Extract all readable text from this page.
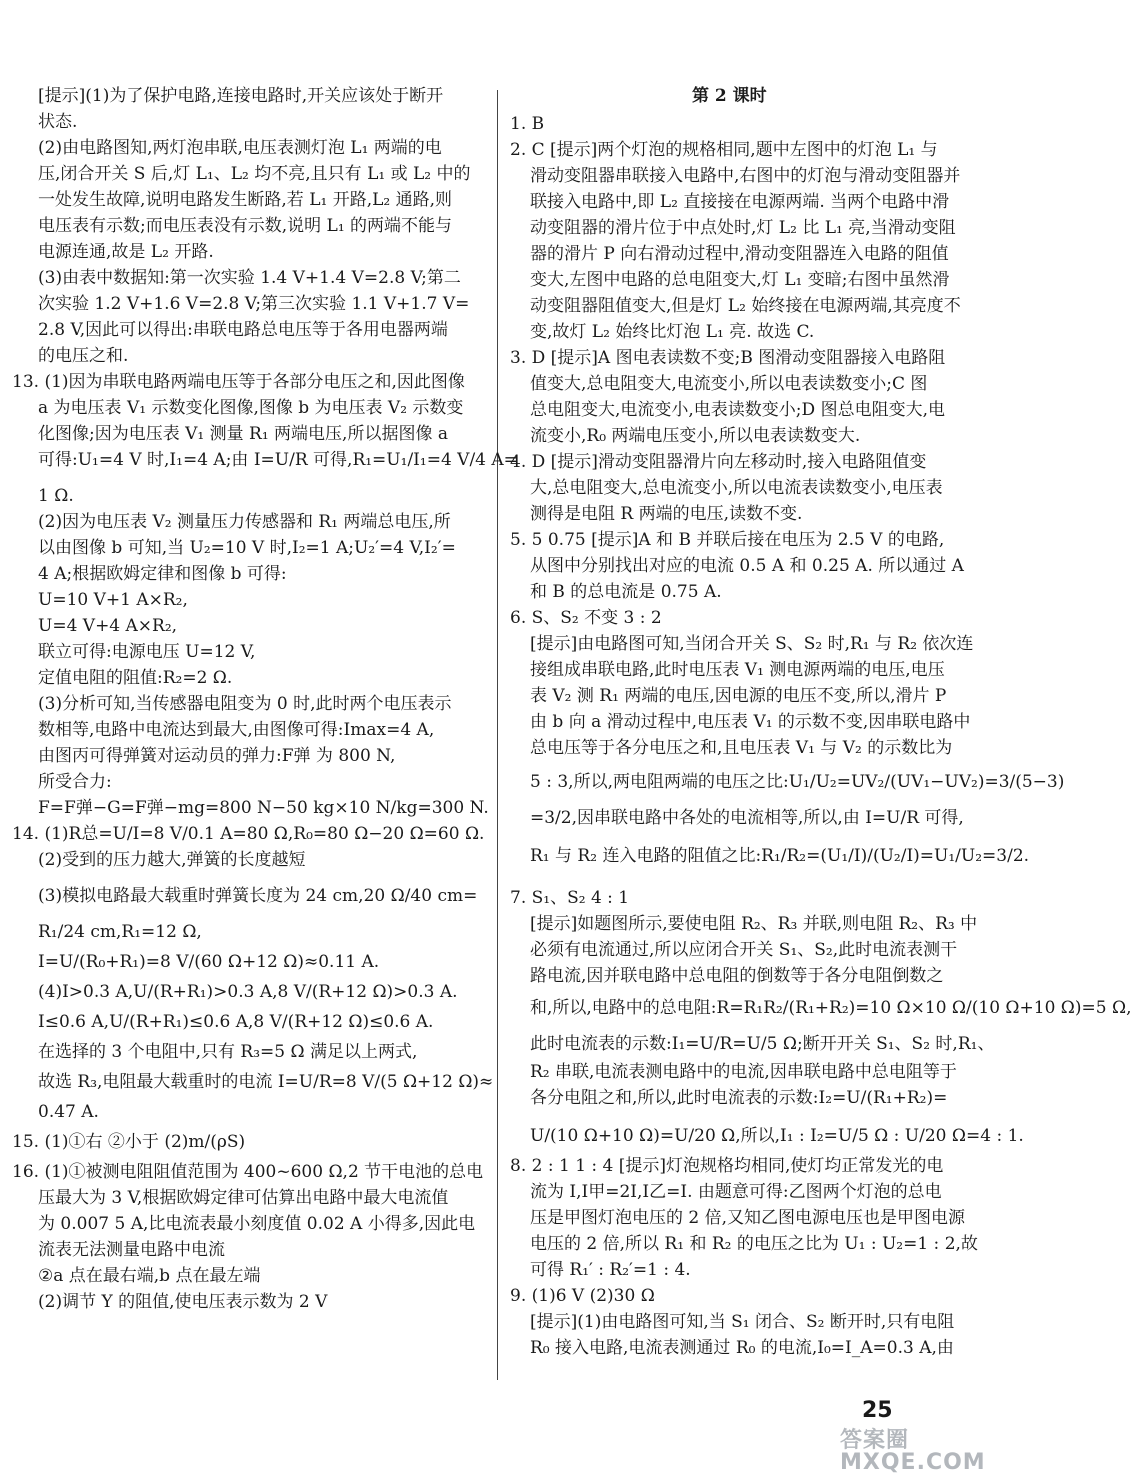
[提示](1)为了保护电路,连接电路时,开关应该处于断开
状态.
(2)由电路图知,两灯泡串联,电压表测灯泡 L₁ 两端的电
压,闭合开关 S 后,灯 L₁、L₂ 均不亮,且只有 L₁ 或 L₂ 中的
一处发生故障,说明电路发生断路,若 L₁ 开路,L₂ 通路,则
电压表有示数;而电压表没有示数,说明 L₁ 的两端不能与
电源连通,故是 L₂ 开路.
(3)由表中数据知:第一次实验 1.4 V+1.4 V=2.8 V;第二
次实验 1.2 V+1.6 V=2.8 V;第三次实验 1.1 V+1.7 V=
2.8 V,因此可以得出:串联电路总电压等于各用电器两端
的电压之和.
13. (1)因为串联电路两端电压等于各部分电压之和,因此图像
a 为电压表 V₁ 示数变化图像,图像 b 为电压表 V₂ 示数变
化图像;因为电压表 V₁ 测量 R₁ 两端电压,所以据图像 a
可得:U₁=4 V 时,I₁=4 A;由 I=U/R 可得,R₁=U₁/I₁=4 V/4 A=
1 Ω.
(2)因为电压表 V₂ 测量压力传感器和 R₁ 两端总电压,所
以由图像 b 可知,当 U₂=10 V 时,I₂=1 A;U₂′=4 V,I₂′=
4 A;根据欧姆定律和图像 b 可得:
U=10 V+1 A×R₂,
U=4 V+4 A×R₂,
联立可得:电源电压 U=12 V,
定值电阻的阻值:R₂=2 Ω.
(3)分析可知,当传感器电阻变为 0 时,此时两个电压表示
数相等,电路中电流达到最大,由图像可得:Imax=4 A,
由图丙可得弹簧对运动员的弹力:F弹 为 800 N,
所受合力:
F=F弹−G=F弹−mg=800 N−50 kg×10 N/kg=300 N.
14. (1)R总=U/I=8 V/0.1 A=80 Ω,R₀=80 Ω−20 Ω=60 Ω.
(2)受到的压力越大,弹簧的长度越短
(3)模拟电路最大载重时弹簧长度为 24 cm,20 Ω/40 cm=
R₁/24 cm,R₁=12 Ω,
I=U/(R₀+R₁)=8 V/(60 Ω+12 Ω)≈0.11 A.
(4)I>0.3 A,U/(R+R₁)>0.3 A,8 V/(R+12 Ω)>0.3 A.
I≤0.6 A,U/(R+R₁)≤0.6 A,8 V/(R+12 Ω)≤0.6 A.
在选择的 3 个电阻中,只有 R₃=5 Ω 满足以上两式,
故选 R₃,电阻最大载重时的电流 I=U/R=8 V/(5 Ω+12 Ω)≈
0.47 A.
15. (1)①右 ②小于 (2)m/(ρS)
16. (1)①被测电阻阻值范围为 400~600 Ω,2 节干电池的总电
压最大为 3 V,根据欧姆定律可估算出电路中最大电流值
为 0.007 5 A,比电流表最小刻度值 0.02 A 小得多,因此电
流表无法测量电路中电流
②a 点在最右端,b 点在最左端
(2)调节 Y 的阻值,使电压表示数为 2 V
第 2 课时
1. B
2. C [提示]两个灯泡的规格相同,题中左图中的灯泡 L₁ 与
滑动变阻器串联接入电路中,右图中的灯泡与滑动变阻器并
联接入电路中,即 L₂ 直接接在电源两端. 当两个电路中滑
动变阻器的滑片位于中点处时,灯 L₂ 比 L₁ 亮,当滑动变阻
器的滑片 P 向右滑动过程中,滑动变阻器连入电路的阻值
变大,左图中电路的总电阻变大,灯 L₁ 变暗;右图中虽然滑
动变阻器阻值变大,但是灯 L₂ 始终接在电源两端,其亮度不
变,故灯 L₂ 始终比灯泡 L₁ 亮. 故选 C.
3. D [提示]A 图电表读数不变;B 图滑动变阻器接入电路阻
值变大,总电阻变大,电流变小,所以电表读数变小;C 图
总电阻变大,电流变小,电表读数变小;D 图总电阻变大,电
流变小,R₀ 两端电压变小,所以电表读数变大.
4. D [提示]滑动变阻器滑片向左移动时,接入电路阻值变
大,总电阻变大,总电流变小,所以电流表读数变小,电压表
测得是电阻 R 两端的电压,读数不变.
5. 5 0.75 [提示]A 和 B 并联后接在电压为 2.5 V 的电路,
从图中分别找出对应的电流 0.5 A 和 0.25 A. 所以通过 A
和 B 的总电流是 0.75 A.
6. S、S₂ 不变 3 : 2
[提示]由电路图可知,当闭合开关 S、S₂ 时,R₁ 与 R₂ 依次连
接组成串联电路,此时电压表 V₁ 测电源两端的电压,电压
表 V₂ 测 R₁ 两端的电压,因电源的电压不变,所以,滑片 P
由 b 向 a 滑动过程中,电压表 V₁ 的示数不变,因串联电路中
总电压等于各分电压之和,且电压表 V₁ 与 V₂ 的示数比为
5 : 3,所以,两电阻两端的电压之比:U₁/U₂=UV₂/(UV₁−UV₂)=3/(5−3)
=3/2,因串联电路中各处的电流相等,所以,由 I=U/R 可得,
R₁ 与 R₂ 连入电路的阻值之比:R₁/R₂=(U₁/I)/(U₂/I)=U₁/U₂=3/2.
7. S₁、S₂ 4 : 1
[提示]如题图所示,要使电阻 R₂、R₃ 并联,则电阻 R₂、R₃ 中
必须有电流通过,所以应闭合开关 S₁、S₂,此时电流表测干
路电流,因并联电路中总电阻的倒数等于各分电阻倒数之
和,所以,电路中的总电阻:R=R₁R₂/(R₁+R₂)=10 Ω×10 Ω/(10 Ω+10 Ω)=5 Ω,
此时电流表的示数:I₁=U/R=U/5 Ω;断开开关 S₁、S₂ 时,R₁、
R₂ 串联,电流表测电路中的电流,因串联电路中总电阻等于
各分电阻之和,所以,此时电流表的示数:I₂=U/(R₁+R₂)=
U/(10 Ω+10 Ω)=U/20 Ω,所以,I₁ : I₂=U/5 Ω : U/20 Ω=4 : 1.
8. 2 : 1 1 : 4 [提示]灯泡规格均相同,使灯均正常发光的电
流为 I,I甲=2I,I乙=I. 由题意可得:乙图两个灯泡的总电
压是甲图灯泡电压的 2 倍,又知乙图电源电压也是甲图电源
电压的 2 倍,所以 R₁ 和 R₂ 的电压之比为 U₁ : U₂=1 : 2,故
可得 R₁′ : R₂′=1 : 4.
9. (1)6 V (2)30 Ω
[提示](1)由电路图可知,当 S₁ 闭合、S₂ 断开时,只有电阻
R₀ 接入电路,电流表测通过 R₀ 的电流,I₀=I_A=0.3 A,由
25
答案圈 MXQE.COM
